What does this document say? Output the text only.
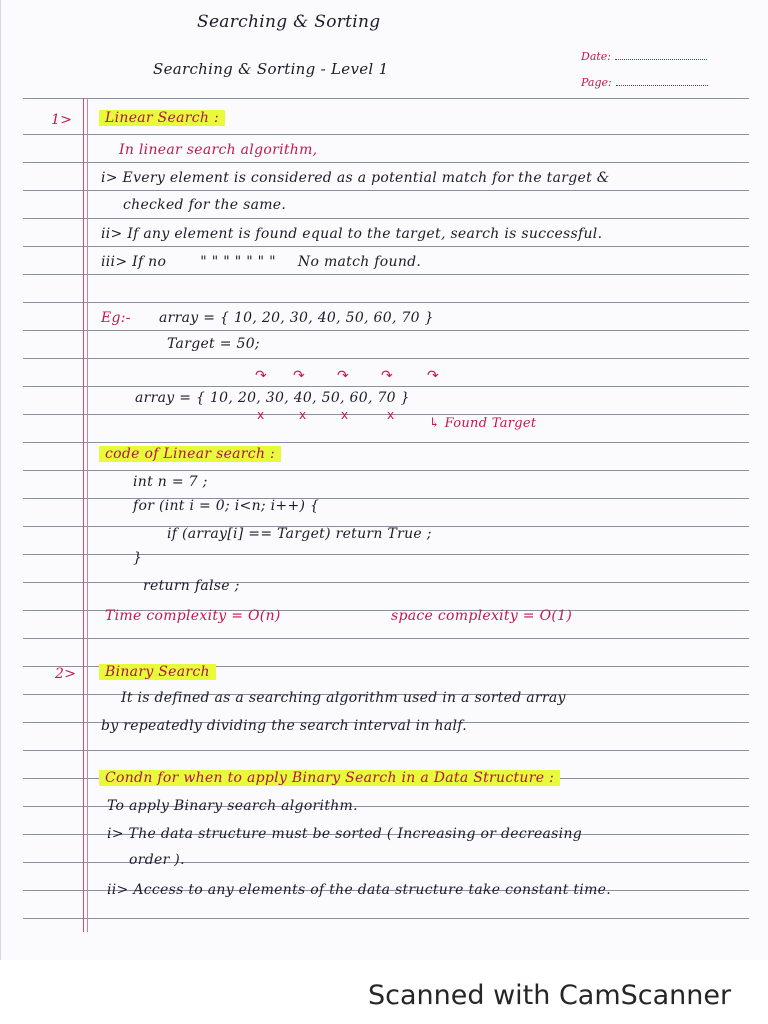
Searching & Sorting
Searching & Sorting - Level 1
Date:
Page:
1>	Linear Search :
In linear search algorithm,
i> Every element is considered as a potential match for the target &
checked for the same.
ii> If any element is found equal to the target, search is successful.
iii> If no " " " " " " " No match found.
Eg:- array = { 10, 20, 30, 40, 50, 60, 70 }
Target = 50;
↷ ↷ ↷ ↷ ↷
array = { 10, 20, 30, 40, 50, 60, 70 }
x	x	x	x
↳ Found Target
code of Linear search :
int n = 7 ;
for (int i = 0; i<n; i++) {
if (array[i] == Target) return True ;
}
return false ;
Time complexity = O(n)	space complexity = O(1)
2>	Binary Search
It is defined as a searching algorithm used in a sorted array
by repeatedly dividing the search interval in half.
Condn for when to apply Binary Search in a Data Structure :
To apply Binary search algorithm.
i> The data structure must be sorted ( Increasing or decreasing
order ).
ii> Access to any elements of the data structure take constant time.
Scanned with CamScanner
